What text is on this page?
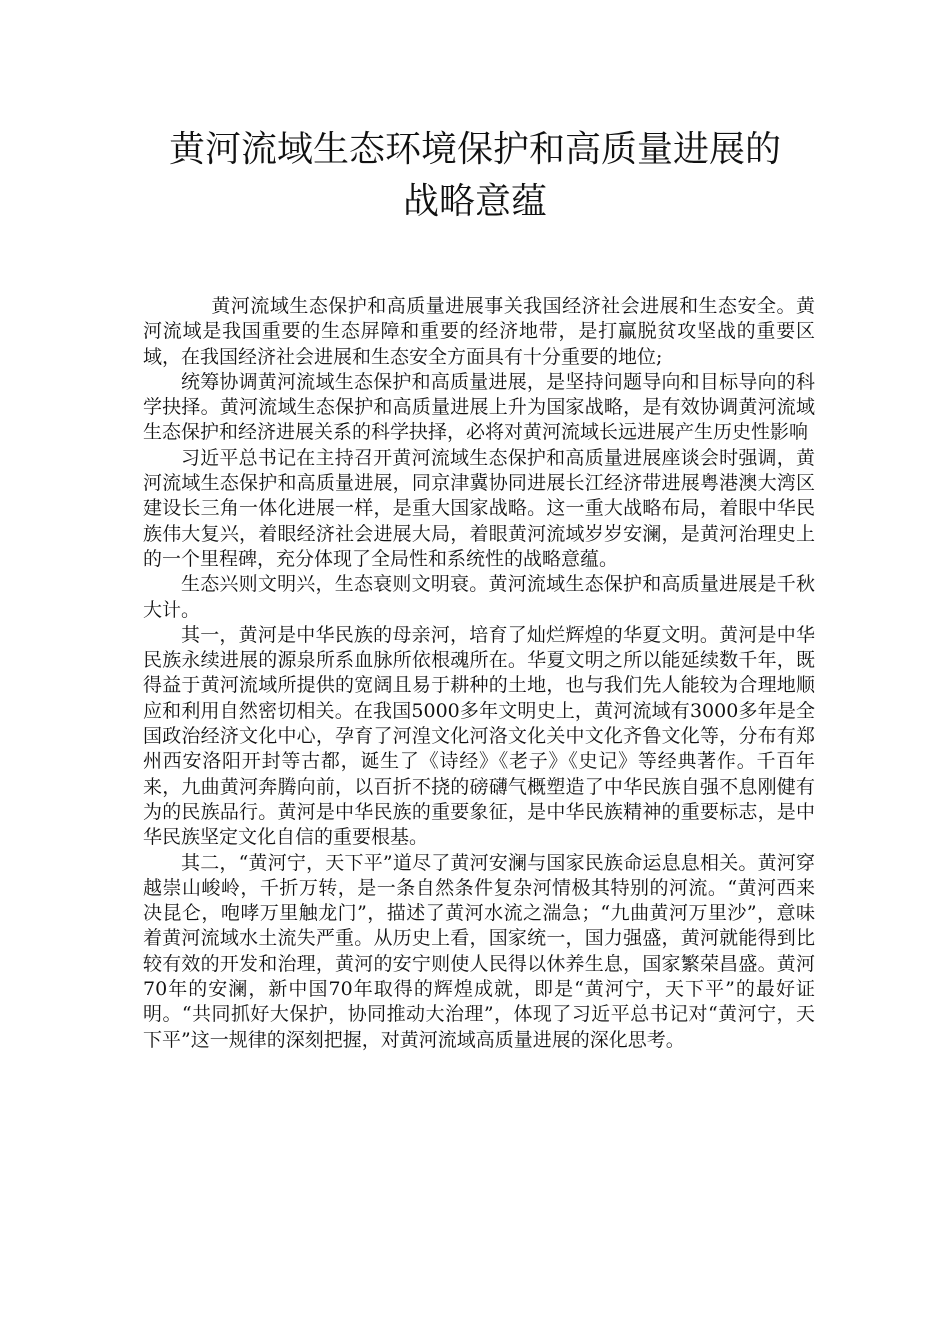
黄河流域生态环境保护和高质量进展的
战略意蕴

黄河流域生态保护和高质量进展事关我国经济社会进展和生态安全。黄河流域是我国重要的生态屏障和重要的经济地带，是打赢脱贫攻坚战的重要区域，在我国经济社会进展和生态安全方面具有十分重要的地位;

统筹协调黄河流域生态保护和高质量进展，是坚持问题导向和目标导向的科学抉择。黄河流域生态保护和高质量进展上升为国家战略，是有效协调黄河流域生态保护和经济进展关系的科学抉择，必将对黄河流域长远进展产生历史性影响

习近平总书记在主持召开黄河流域生态保护和高质量进展座谈会时强调，黄河流域生态保护和高质量进展，同京津冀协同进展长江经济带进展粤港澳大湾区建设长三角一体化进展一样，是重大国家战略。这一重大战略布局，着眼中华民族伟大复兴，着眼经济社会进展大局，着眼黄河流域岁岁安澜，是黄河治理史上的一个里程碑，充分体现了全局性和系统性的战略意蕴。

生态兴则文明兴，生态衰则文明衰。黄河流域生态保护和高质量进展是千秋大计。

其一，黄河是中华民族的母亲河，培育了灿烂辉煌的华夏文明。黄河是中华民族永续进展的源泉所系血脉所依根魂所在。华夏文明之所以能延续数千年，既得益于黄河流域所提供的宽阔且易于耕种的土地，也与我们先人能较为合理地顺应和利用自然密切相关。在我国5000多年文明史上，黄河流域有3000多年是全国政治经济文化中心，孕育了河湟文化河洛文化关中文化齐鲁文化等，分布有郑州西安洛阳开封等古都，诞生了《诗经》《老子》《史记》等经典著作。千百年来，九曲黄河奔腾向前，以百折不挠的磅礴气概塑造了中华民族自强不息刚健有为的民族品行。黄河是中华民族的重要象征，是中华民族精神的重要标志，是中华民族坚定文化自信的重要根基。

其二，“黄河宁，天下平”道尽了黄河安澜与国家民族命运息息相关。黄河穿越崇山峻岭，千折万转，是一条自然条件复杂河情极其特别的河流。“黄河西来决昆仑，咆哮万里触龙门”，描述了黄河水流之湍急；“九曲黄河万里沙”，意味着黄河流域水土流失严重。从历史上看，国家统一，国力强盛，黄河就能得到比较有效的开发和治理，黄河的安宁则使人民得以休养生息，国家繁荣昌盛。黄河70年的安澜，新中国70年取得的辉煌成就，即是“黄河宁，天下平”的最好证明。“共同抓好大保护，协同推动大治理”，体现了习近平总书记对“黄河宁，天下平”这一规律的深刻把握，对黄河流域高质量进展的深化思考。
